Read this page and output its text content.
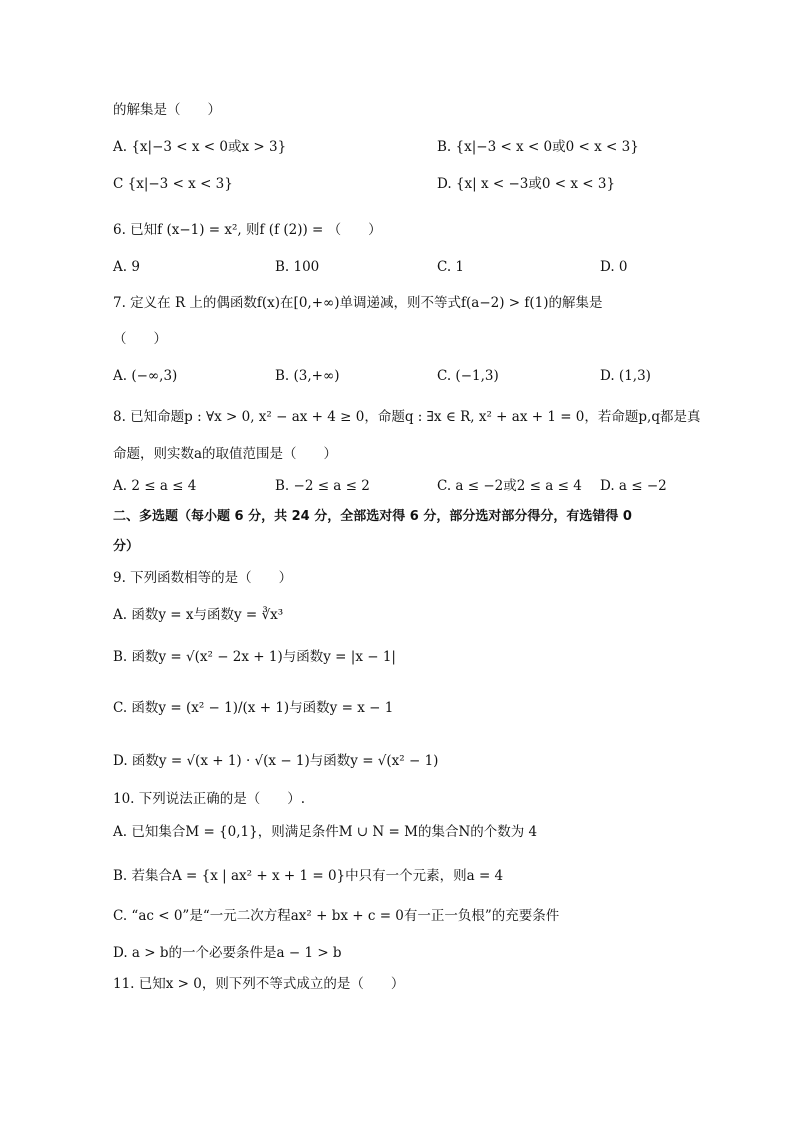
的解集是（　　）
A. {x|−3 < x < 0或x > 3}	B. {x|−3 < x < 0或0 < x < 3}
C {x|−3 < x < 3}	D. {x| x < −3或0 < x < 3}
6. 已知f (x−1) = x², 则f (f (2)) = （　　）
A. 9	B. 100	C. 1	D. 0
7. 定义在 R 上的偶函数f(x)在[0,+∞)单调递减，则不等式f(a−2) > f(1)的解集是
（　　）
A. (−∞,3)	B. (3,+∞)	C. (−1,3)	D. (1,3)
8. 已知命题p : ∀x > 0, x² − ax + 4 ≥ 0，命题q : ∃x ∈ R, x² + ax + 1 = 0，若命题p,q都是真
命题，则实数a的取值范围是（　　）
A. 2 ≤ a ≤ 4	B. −2 ≤ a ≤ 2	C. a ≤ −2或2 ≤ a ≤ 4 D. a ≤ −2
二、多选题（每小题 6 分，共 24 分，全部选对得 6 分，部分选对部分得分，有选错得 0
分）
9. 下列函数相等的是（　　）
A. 函数y = x与函数y = ∛x³
B. 函数y = √(x² − 2x + 1)与函数y = |x − 1|
C. 函数y = (x² − 1)/(x + 1)与函数y = x − 1
D. 函数y = √(x + 1) · √(x − 1)与函数y = √(x² − 1)
10. 下列说法正确的是（　　）.
A. 已知集合M = {0,1}，则满足条件M ∪ N = M的集合N的个数为 4
B. 若集合A = {x | ax² + x + 1 = 0}中只有一个元素，则a = 4
C. “ac < 0”是“一元二次方程ax² + bx + c = 0有一正一负根”的充要条件
D. a > b的一个必要条件是a − 1 > b
11. 已知x > 0，则下列不等式成立的是（　　）
